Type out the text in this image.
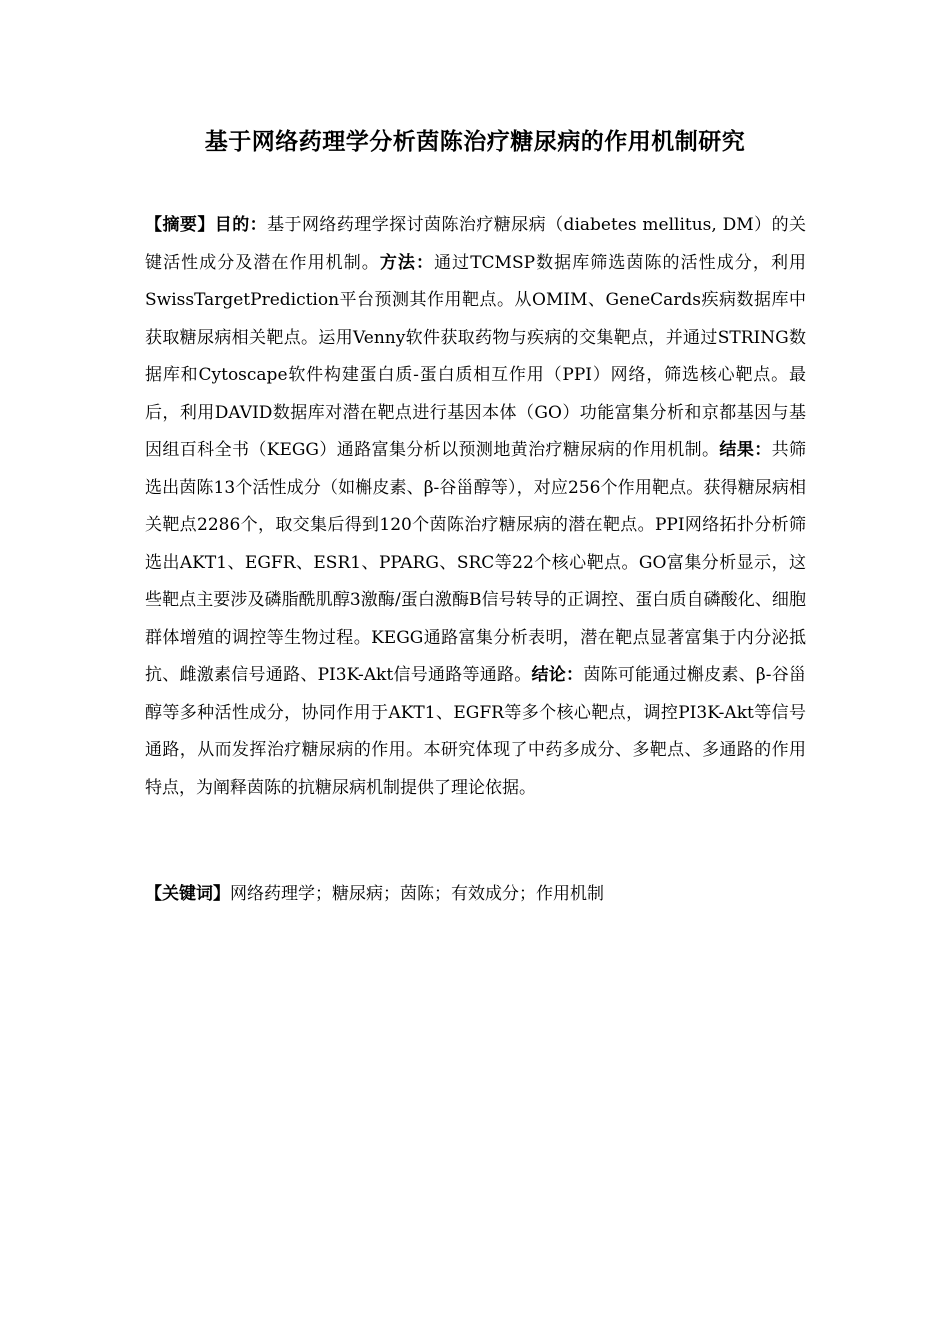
基于网络药理学分析茵陈治疗糖尿病的作用机制研究

【摘要】目的：基于网络药理学探讨茵陈治疗糖尿病（diabetes mellitus, DM）的关键活性成分及潜在作用机制。方法：通过TCMSP数据库筛选茵陈的活性成分，利用SwissTargetPrediction平台预测其作用靶点。从OMIM、GeneCards疾病数据库中获取糖尿病相关靶点。运用Venny软件获取药物与疾病的交集靶点，并通过STRING数据库和Cytoscape软件构建蛋白质-蛋白质相互作用（PPI）网络，筛选核心靶点。最后，利用DAVID数据库对潜在靶点进行基因本体（GO）功能富集分析和京都基因与基因组百科全书（KEGG）通路富集分析以预测地黄治疗糖尿病的作用机制。结果：共筛选出茵陈13个活性成分（如槲皮素、β-谷甾醇等），对应256个作用靶点。获得糖尿病相关靶点2286个，取交集后得到120个茵陈治疗糖尿病的潜在靶点。PPI网络拓扑分析筛选出AKT1、EGFR、ESR1、PPARG、SRC等22个核心靶点。GO富集分析显示，这些靶点主要涉及磷脂酰肌醇3激酶/蛋白激酶B信号转导的正调控、蛋白质自磷酸化、细胞群体增殖的调控等生物过程。KEGG通路富集分析表明，潜在靶点显著富集于内分泌抵抗、雌激素信号通路、PI3K-Akt信号通路等通路。结论：茵陈可能通过槲皮素、β-谷甾醇等多种活性成分，协同作用于AKT1、EGFR等多个核心靶点，调控PI3K-Akt等信号通路，从而发挥治疗糖尿病的作用。本研究体现了中药多成分、多靶点、多通路的作用特点，为阐释茵陈的抗糖尿病机制提供了理论依据。

【关键词】网络药理学；糖尿病；茵陈；有效成分；作用机制
